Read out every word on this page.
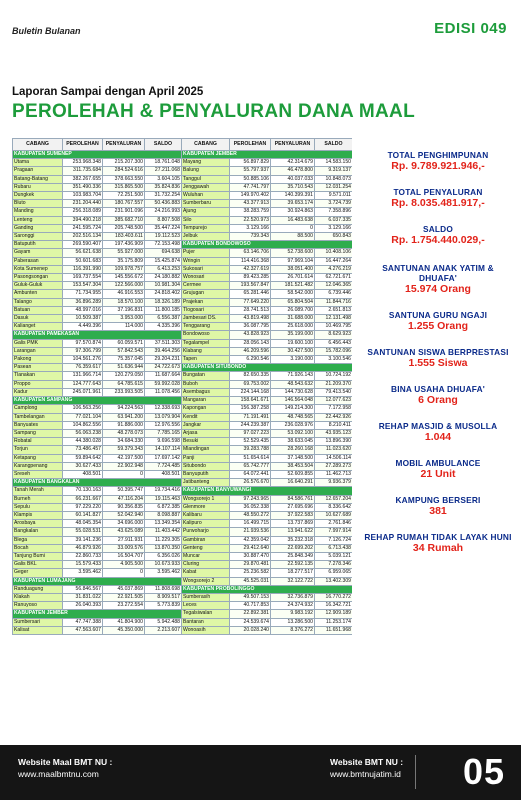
Buletin Bulanan	EDISI 049
Laporan Sampai dengan April 2025
PEROLEHAH & PENYALURAN DANA MAAL
CABANG	PEROLEHAN	PENYALURAN	SALDO	CABANG	PEROLEHAN	PENYALURAN	SALDO
KABUPATEN SUMENEP				KABUPATEN JEMBER			
Utama	253.968.348	215.207.300	18.761.048	Mayang	56.897.829	42.314.679	14.583.150
Pragaan	311.735.684	284.524.616	27.211.068	Balung	55.797.937	46.478.800	9.319.137
Batang-Batang	382.267.655	378.663.550	3.604.105	Tanggul	50.885.106	40.037.033	10.848.073
Rubaru	351.490.336	315.865.500	35.824.836	Jenggawah	47.741.797	35.710.543	12.031.254
Dungkek	103.983.704	72.251.500	31.732.254	Wuluhan	149.970.402	140.399.391	9.571.011
Bluto	231.204.440	180.767.557	50.436.883	Sumberbaru	43.377.913	39.653.174	3.724.739
Manding	256.318.089	231.901.096	24.216.993	Ajung	38.283.759	30.924.863	7.358.896
Lenteng	394.490.218	385.682.710	8.807.508	Silo	22.520.973	16.483.638	6.037.335
Ganding	241.595.724	205.748.500	35.447.224	Tempurejo	3.129.166	0	3.129.166
Saronggi	202.516.134	183.403.611	19.112.523	Jelbuk	739.343	88.500	650.843
Batuputih	269.590.407	197.436.909	72.153.498	KABUPATEN BONDOWOSO			
Gayam	56.621.638	55.927.000	694.638	Pujer	63.146.706	52.738.600	10.408.106
Paberasan	50.601.683	35.175.809	15.425.874	Wringin	114.416.368	97.969.104	16.447.264
Kota Sumenep	116.391.990	109.978.757	6.413.253	Sukosari	42.327.619	38.051.400	4.276.219
Pasongsongan	169.737.554	145.556.672	24.180.882	Wonosari	89.423.285	26.701.614	62.721.671
Guluk-Guluk	153.547.304	122.566.000	10.981.304	Cermee	193.567.847	181.521.482	12.046.365
Ambunten	71.734.955	46.916.553	24.818.402	Grujugan	65.281.446	58.542.000	6.739.446
Talango	36.896.289	18.570.100	18.326.189	Prajekan	77.649.220	65.804.504	11.844.716
Batuan	48.997.016	37.196.831	11.800.185	Tlogosari	28.741.513	26.089.700	2.651.813
Dasuk	10.509.387	3.953.000	6.556.387	Jambesari DS.	43.819.498	31.688.000	12.131.498
Kalianget	4.449.396	114.000	4.335.396	Tenggarang	36.087.795	25.618.000	10.469.795
KABUPATEN PAMEKASAN				Bondowoso	43.828.923	35.199.000	8.629.923
Galis PMK	97.570.874	60.059.571	37.511.303	Tegalampel	28.056.143	19.600.100	6.456.443
Larangan	97.306.799	57.842.543	39.464.256	Klabang	46.209.596	30.427.500	15.782.096
Pakong	104.561.276	75.357.045	29.204.231	Tapen	6.290.546	3.190.000	3.100.546
Pasean	76.359.617	51.636.944	24.722.673	KABUPATEN SITUBONDO			
Tlanakan	131.966.714	120.279.050	11.687.664	Bungatan	82.650.335	71.926.143	10.724.192
Proppo	124.777.643	64.785.615	59.992.028	Buboh	69.753.002	48.543.632	21.209.370
Kadur	245.071.961	233.993.505	11.078.456	Asembagus	224.144.168	144.730.628	79.413.540
KABUPATEN SAMPANG				Mangaran	158.641.671	146.564.048	12.077.623
Camplong	106.563.256	94.224.563	12.338.693	Kapongan	156.387.258	149.214.300	7.172.958
Tambelangan	77.021.104	63.941.200	13.079.904	Kendit	71.191.491	48.748.565	22.442.926
Banyuates	104.862.556	91.886.000	12.976.556	Jangkar	244.239.387	236.028.976	8.210.411
Sampang	56.063.238	48.278.073	7.785.165	Arjasa	97.027.223	53.092.100	43.935.123
Robatal	44.380.028	34.684.330	9.696.598	Besuki	52.529.435	38.633.045	13.896.390
Torjun	73.486.457	59.379.343	14.107.114	Mlandingan	39.283.788	28.260.168	11.023.620
Ketapang	59.894.642	42.197.500	17.697.142	Panji	51.654.614	37.148.500	14.506.114
Karangpenang	30.627.433	22.902.948	7.724.485	Situbondo	65.742.777	38.453.504	27.289.273
Sreseh	408.501	0	408.501	Banyuputih	64.072.441	52.609.855	11.462.713
KABUPATEN BANGKALAN				Jatibanteng	26.576.670	16.640.291	9.936.379
Tanah Merah	70.130.163	50.395.747	19.734.416	KABUPATEN BANYUWANGI			
Burneh	66.231.667	47.116.204	19.115.463	Wongsorejo 1	97.243.965	84.586.761	12.657.204
Sepulu	97.229.220	90.356.835	6.872.385	Glenmore	36.052.338	27.695.696	8.336.642
Klampis	60.141.827	52.042.940	8.098.887	Kalibaru	48.550.272	37.922.583	10.627.689
Arosbaya	48.045.354	34.696.000	13.349.354	Kalipuro	16.499.715	13.737.869	2.761.846
Bangkalan	55.028.531	43.625.089	11.403.442	Purwoharjo	21.939.536	13.941.622	7.997.914
Blega	39.141.236	27.911.931	11.229.305	Gambiran	42.359.042	35.232.318	7.126.724
Bocah	46.879.926	33.009.576	13.870.350	Genteng	29.412.640	22.699.202	6.713.438
Tanjung Bumi	22.860.733	16.504.707	6.356.026	Muncar	30.887.470	25.848.349	5.039.121
Galis BKL	15.579.433	4.905.500	10.673.933	Cluring	29.870.481	22.592.135	7.278.346
Geger	3.595.462	0	3.595.462	Kabat	25.236.582	18.277.517	6.959.065
KABUPATEN LUMAJANG				Wongsorejo 2	45.525.031	32.122.722	13.402.309
Randuagung	56.846.567	45.037.869	11.808.698	KABUPATEN PROBOLINGGO			
Klakah	31.831.022	22.921.505	8.909.517	Sumberasih	49.507.153	32.736.879	16.770.272
Ranuyoso	26.040.393	23.272.554	5.773.839	Leces	40.717.853	24.374.932	16.342.721
KABUPATEN JEMBER				Tegalsiwalan	22.892.381	9.983.192	12.909.189
Sumbersari	47.747.388	41.804.900	5.942.488	Bantaran	24.539.674	13.286.500	11.253.174
Kalisat	47.563.607	45.350.000	2.213.607	Wonoasih	20.028.240	8.376.272	11.651.968
TOTAL PENGHIMPUNAN
Rp. 9.789.921.946,-
TOTAL PENYALURAN
Rp. 8.035.481.917,-
SALDO
Rp. 1.754.440.029,-
SANTUNAN ANAK YATIM & DHUAFA'
15.974 Orang
SANTUNA GURU NGAJI
1.255 Orang
SANTUNAN SISWA BERPRESTASI
1.555 Siswa
BINA USAHA DHUAFA'
6 Orang
REHAP MASJID & MUSOLLA
1.044
MOBIL AMBULANCE
21 Unit
KAMPUNG BERSERI
381
REHAP RUMAH TIDAK LAYAK HUNI
34 Rumah
Website Maal BMT NU :
www.maalbmtnu.com
Website BMT NU :
www.bmtnujatim.id 05
